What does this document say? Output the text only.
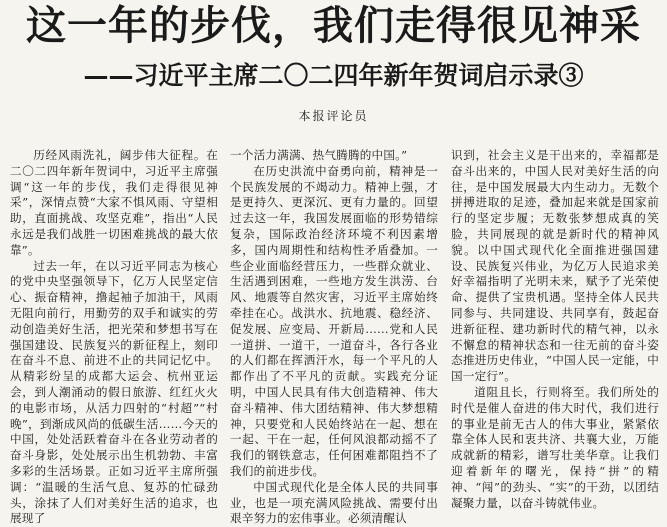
这一年的步伐，我们走得很见神采
——习近平主席二〇二四年新年贺词启示录③
本报评论员

历经风雨洗礼，阔步伟大征程。在二〇二四年新年贺词中，习近平主席强调“这一年的步伐，我们走得很见神采”，深情点赞“大家不惧风雨、守望相助，直面挑战、攻坚克难”，指出“人民永远是我们战胜一切困难挑战的最大依靠”。

过去一年，在以习近平同志为核心的党中央坚强领导下，亿万人民坚定信心、振奋精神，撸起袖子加油干，风雨无阻向前行，用勤劳的双手和诚实的劳动创造美好生活，把光荣和梦想书写在强国建设、民族复兴的新征程上，刻印在奋斗不息、前进不止的共同记忆中。从精彩纷呈的成都大运会、杭州亚运会，到人潮涌动的假日旅游、红红火火的电影市场，从活力四射的“村超”“村晚”，到渐成风尚的低碳生活……今天的中国，处处活跃着奋斗在各业劳动者的奋斗身影，处处展示出生机勃勃、丰富多彩的生活场景。正如习近平主席所强调：“温暖的生活气息、复苏的忙碌劲头，涂抹了人们对美好生活的追求，也展现了

一个活力满满、热气腾腾的中国。”

在历史洪流中奋勇向前，精神是一个民族发展的不竭动力。精神上强，才是更持久、更深沉、更有力量的。回望过去这一年，我国发展面临的形势错综复杂，国际政治经济环境不利因素增多，国内周期性和结构性矛盾叠加。一些企业面临经营压力，一些群众就业、生活遇到困难，一些地方发生洪涝、台风、地震等自然灾害，习近平主席始终牵挂在心。战洪水、抗地震、稳经济、促发展、应变局、开新局……党和人民一道拼、一道干，一道奋斗，各行各业的人们都在挥洒汗水，每一个平凡的人都作出了不平凡的贡献。实践充分证明，中国人民具有伟大创造精神、伟大奋斗精神、伟大团结精神、伟大梦想精神，只要党和人民始终站在一起、想在一起、干在一起，任何风浪都动摇不了我们的钢铁意志，任何困难都阻挡不了我们的前进步伐。

中国式现代化是全体人民的共同事业，也是一项充满风险挑战、需要付出艰辛努力的宏伟事业。必须清醒认

识到，社会主义是干出来的，幸福都是奋斗出来的，中国人民对美好生活的向往，是中国发展最大内生动力。无数个拼搏进取的足迹，叠加起来就是国家前行的坚定步履；无数张梦想成真的笑脸，共同展现的就是新时代的精神风貌。以中国式现代化全面推进强国建设、民族复兴伟业，为亿万人民追求美好幸福指明了光明未来，赋予了光荣使命、提供了宝贵机遇。坚持全体人民共同参与、共同建设、共同享有，鼓起奋进新征程、建功新时代的精气神，以永不懈怠的精神状态和一往无前的奋斗姿态推进历史伟业，“中国人民一定能，中国一定行”。

道阻且长，行则将至。我们所处的时代是催人奋进的伟大时代，我们进行的事业是前无古人的伟大事业，紧紧依靠全体人民和衷共济、共襄大业，万能成就新的精彩，谱写壮美华章。让我们迎着新年的曙光，保持“拼”的精神、“闯”的劲头、“实”的干劲，以团结凝聚力量，以奋斗铸就伟业。
